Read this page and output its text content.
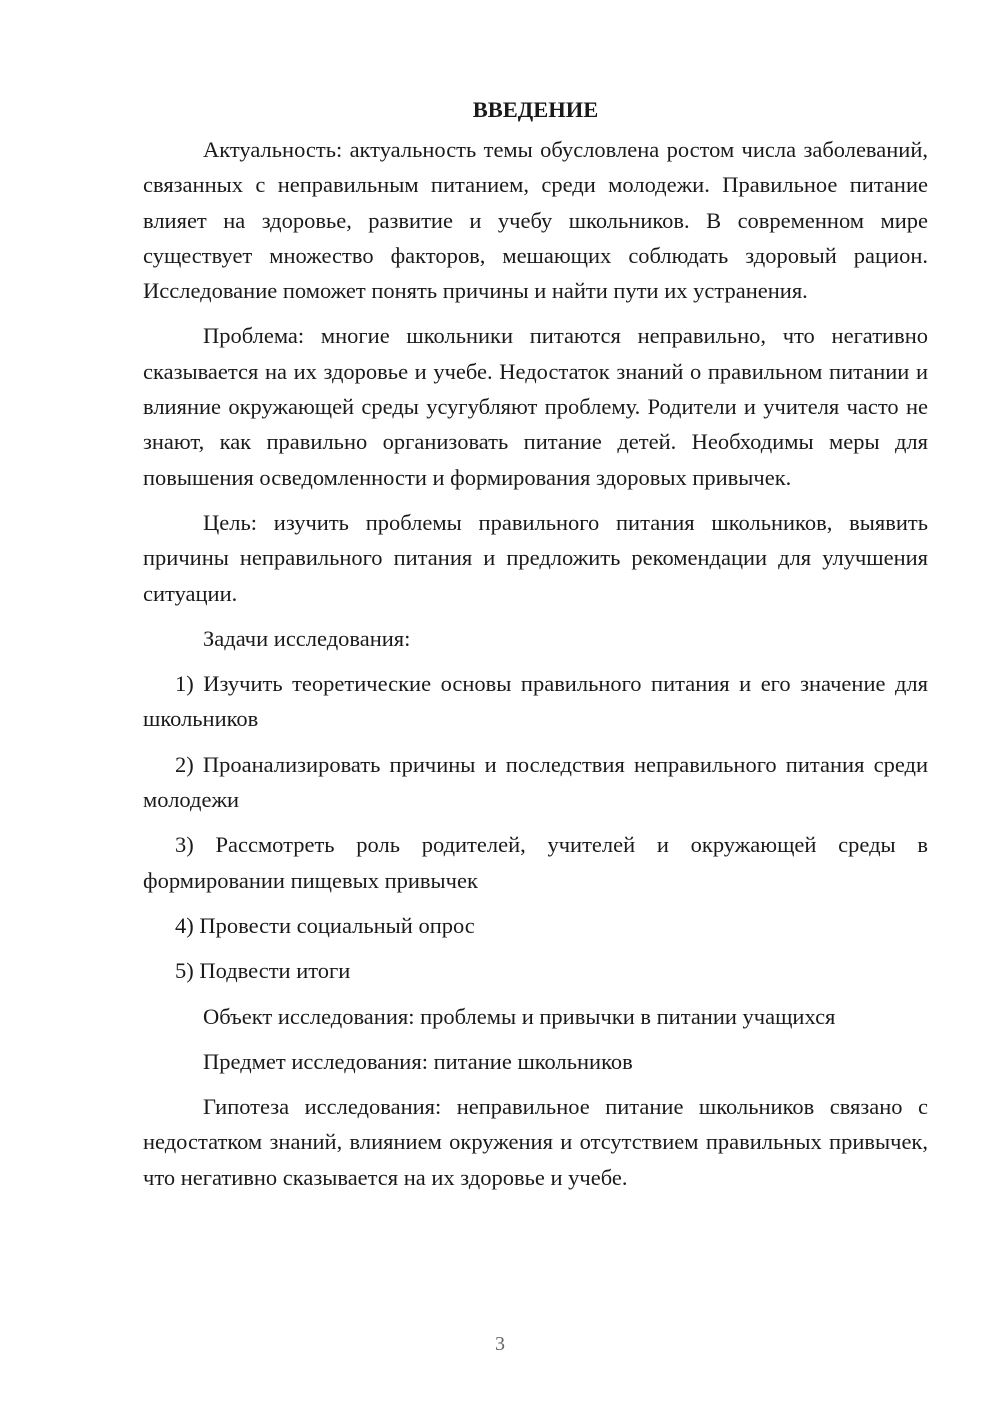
ВВЕДЕНИЕ

Актуальность: актуальность темы обусловлена ростом числа заболеваний, связанных с неправильным питанием, среди молодежи. Правильное питание влияет на здоровье, развитие и учебу школьников. В современном мире существует множество факторов, мешающих соблюдать здоровый рацион. Исследование поможет понять причины и найти пути их устранения.

Проблема: многие школьники питаются неправильно, что негативно сказывается на их здоровье и учебе. Недостаток знаний о правильном питании и влияние окружающей среды усугубляют проблему. Родители и учителя часто не знают, как правильно организовать питание детей. Необходимы меры для повышения осведомленности и формирования здоровых привычек.

Цель: изучить проблемы правильного питания школьников, выявить причины неправильного питания и предложить рекомендации для улучшения ситуации.

Задачи исследования:

1) Изучить теоретические основы правильного питания и его значение для школьников

2) Проанализировать причины и последствия неправильного питания среди молодежи

3) Рассмотреть роль родителей, учителей и окружающей среды в формировании пищевых привычек

4) Провести социальный опрос

5) Подвести итоги

Объект исследования: проблемы и привычки в питании учащихся

Предмет исследования: питание школьников

Гипотеза исследования: неправильное питание школьников связано с недостатком знаний, влиянием окружения и отсутствием правильных привычек, что негативно сказывается на их здоровье и учебе.

3
